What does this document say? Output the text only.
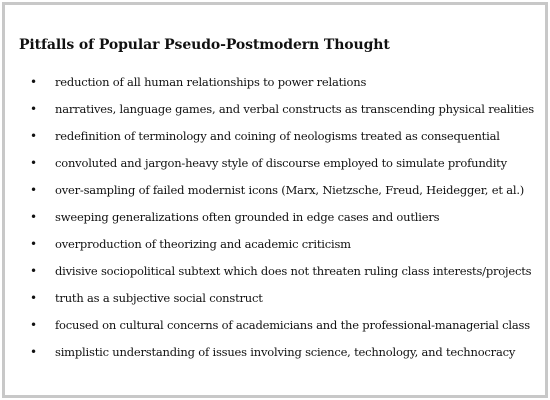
Pitfalls of Popular Pseudo-Postmodern Thought
• reduction of all human relationships to power relations
• narratives, language games, and verbal constructs as transcending physical realities
• redefinition of terminology and coining of neologisms treated as consequential
• convoluted and jargon-heavy style of discourse employed to simulate profundity
• over-sampling of failed modernist icons (Marx, Nietzsche, Freud, Heidegger, et al.)
• sweeping generalizations often grounded in edge cases and outliers
• overproduction of theorizing and academic criticism
• divisive sociopolitical subtext which does not threaten ruling class interests/projects
• truth as a subjective social construct
• focused on cultural concerns of academicians and the professional-managerial class
• simplistic understanding of issues involving science, technology, and technocracy
